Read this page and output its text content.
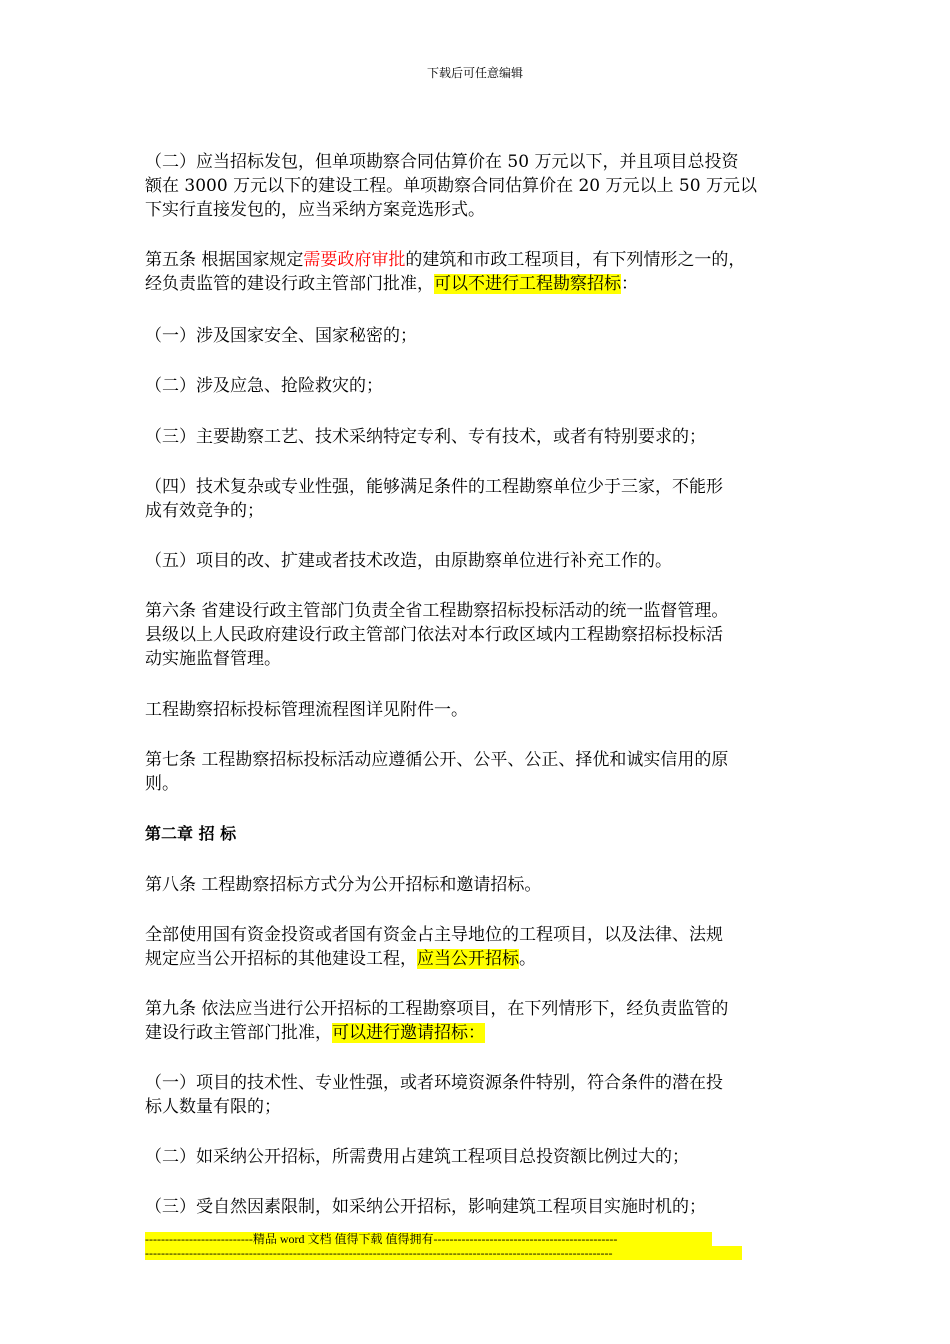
下载后可任意编辑

（二）应当招标发包，但单项勘察合同估算价在 50 万元以下，并且项目总投资
额在 3000 万元以下的建设工程。单项勘察合同估算价在 20 万元以上 50 万元以
下实行直接发包的，应当采纳方案竞选形式。

第五条 根据国家规定需要政府审批的建筑和市政工程项目，有下列情形之一的，
经负责监管的建设行政主管部门批准，可以不进行工程勘察招标：

（一）涉及国家安全、国家秘密的；

（二）涉及应急、抢险救灾的；

（三）主要勘察工艺、技术采纳特定专利、专有技术，或者有特别要求的；

（四）技术复杂或专业性强，能够满足条件的工程勘察单位少于三家，不能形
成有效竞争的；

（五）项目的改、扩建或者技术改造，由原勘察单位进行补充工作的。

第六条 省建设行政主管部门负责全省工程勘察招标投标活动的统一监督管理。
县级以上人民政府建设行政主管部门依法对本行政区域内工程勘察招标投标活
动实施监督管理。

工程勘察招标投标管理流程图详见附件一。

第七条 工程勘察招标投标活动应遵循公开、公平、公正、择优和诚实信用的原
则。

第二章 招 标

第八条 工程勘察招标方式分为公开招标和邀请招标。

全部使用国有资金投资或者国有资金占主导地位的工程项目，以及法律、法规
规定应当公开招标的其他建设工程，应当公开招标。

第九条 依法应当进行公开招标的工程勘察项目，在下列情形下，经负责监管的
建设行政主管部门批准，可以进行邀请招标：

（一）项目的技术性、专业性强，或者环境资源条件特别，符合条件的潜在投
标人数量有限的；

（二）如采纳公开招标，所需费用占建筑工程项目总投资额比例过大的；

（三）受自然因素限制，如采纳公开招标，影响建筑工程项目实施时机的；

---------------------------精品 word 文档 值得下载 值得拥有----------------------------------------------
---------------------------------------------------------------------------------------------------------------------
